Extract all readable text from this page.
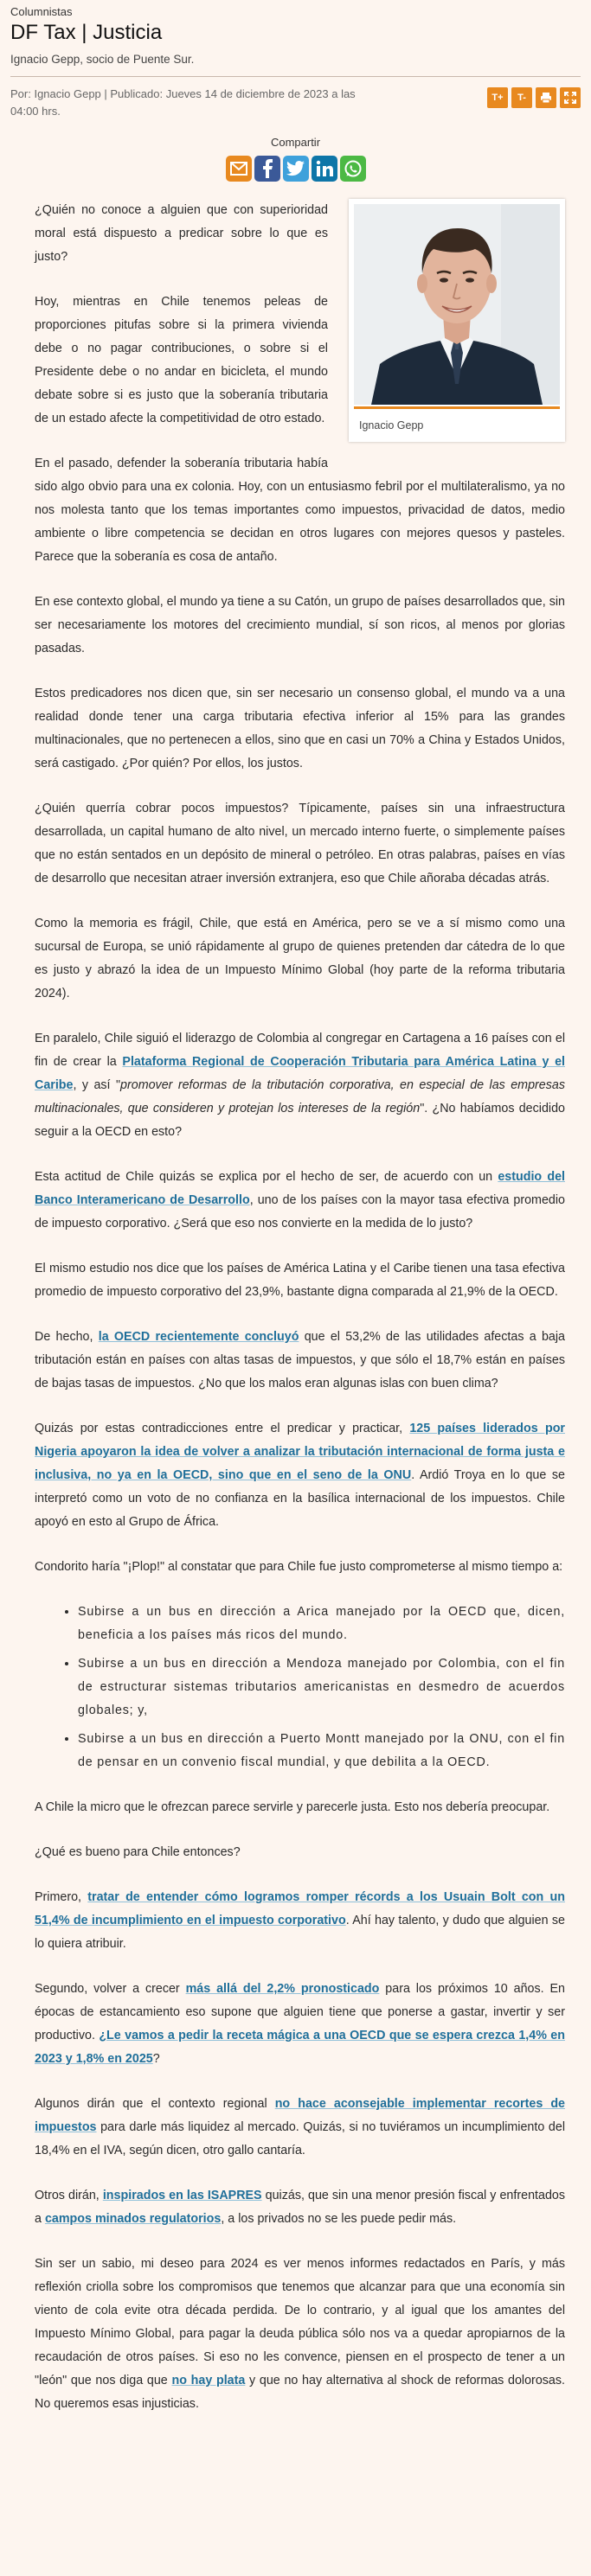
Columnistas
DF Tax | Justicia
Ignacio Gepp, socio de Puente Sur.
Por: Ignacio Gepp | Publicado: Jueves 14 de diciembre de 2023 a las 04:00 hrs.
T+	T-
Compartir
Ignacio Gepp

¿Quién no conoce a alguien que con superioridad moral está dispuesto a predicar sobre lo que es justo?

Hoy, mientras en Chile tenemos peleas de proporciones pitufas sobre si la primera vivienda debe o no pagar contribuciones, o sobre si el Presidente debe o no andar en bicicleta, el mundo debate sobre si es justo que la soberanía tributaria de un estado afecte la competitividad de otro estado.

En el pasado, defender la soberanía tributaria había sido algo obvio para una ex colonia. Hoy, con un entusiasmo febril por el multilateralismo, ya no nos molesta tanto que los temas importantes como impuestos, privacidad de datos, medio ambiente o libre competencia se decidan en otros lugares con mejores quesos y pasteles. Parece que la soberanía es cosa de antaño.

En ese contexto global, el mundo ya tiene a su Catón, un grupo de países desarrollados que, sin ser necesariamente los motores del crecimiento mundial, sí son ricos, al menos por glorias pasadas.

Estos predicadores nos dicen que, sin ser necesario un consenso global, el mundo va a una realidad donde tener una carga tributaria efectiva inferior al 15% para las grandes multinacionales, que no pertenecen a ellos, sino que en casi un 70% a China y Estados Unidos, será castigado. ¿Por quién? Por ellos, los justos.

¿Quién querría cobrar pocos impuestos? Típicamente, países sin una infraestructura desarrollada, un capital humano de alto nivel, un mercado interno fuerte, o simplemente países que no están sentados en un depósito de mineral o petróleo. En otras palabras, países en vías de desarrollo que necesitan atraer inversión extranjera, eso que Chile añoraba décadas atrás.

Como la memoria es frágil, Chile, que está en América, pero se ve a sí mismo como una sucursal de Europa, se unió rápidamente al grupo de quienes pretenden dar cátedra de lo que es justo y abrazó la idea de un Impuesto Mínimo Global (hoy parte de la reforma tributaria 2024).

En paralelo, Chile siguió el liderazgo de Colombia al congregar en Cartagena a 16 países con el fin de crear la Plataforma Regional de Cooperación Tributaria para América Latina y el Caribe, y así "promover reformas de la tributación corporativa, en especial de las empresas multinacionales, que consideren y protejan los intereses de la región". ¿No habíamos decidido seguir a la OECD en esto?

Esta actitud de Chile quizás se explica por el hecho de ser, de acuerdo con un estudio del Banco Interamericano de Desarrollo, uno de los países con la mayor tasa efectiva promedio de impuesto corporativo. ¿Será que eso nos convierte en la medida de lo justo?

El mismo estudio nos dice que los países de América Latina y el Caribe tienen una tasa efectiva promedio de impuesto corporativo del 23,9%, bastante digna comparada al 21,9% de la OECD.

De hecho, la OECD recientemente concluyó que el 53,2% de las utilidades afectas a baja tributación están en países con altas tasas de impuestos, y que sólo el 18,7% están en países de bajas tasas de impuestos. ¿No que los malos eran algunas islas con buen clima?

Quizás por estas contradicciones entre el predicar y practicar, 125 países liderados por Nigeria apoyaron la idea de volver a analizar la tributación internacional de forma justa e inclusiva, no ya en la OECD, sino que en el seno de la ONU. Ardió Troya en lo que se interpretó como un voto de no confianza en la basílica internacional de los impuestos. Chile apoyó en esto al Grupo de África.

Condorito haría "¡Plop!" al constatar que para Chile fue justo comprometerse al mismo tiempo a:

• Subirse a un bus en dirección a Arica manejado por la OECD que, dicen, beneficia a los países más ricos del mundo.
• Subirse a un bus en dirección a Mendoza manejado por Colombia, con el fin de estructurar sistemas tributarios americanistas en desmedro de acuerdos globales; y,
• Subirse a un bus en dirección a Puerto Montt manejado por la ONU, con el fin de pensar en un convenio fiscal mundial, y que debilita a la OECD.

A Chile la micro que le ofrezcan parece servirle y parecerle justa. Esto nos debería preocupar.

¿Qué es bueno para Chile entonces?

Primero, tratar de entender cómo logramos romper récords a los Usuain Bolt con un 51,4% de incumplimiento en el impuesto corporativo. Ahí hay talento, y dudo que alguien se lo quiera atribuir.

Segundo, volver a crecer más allá del 2,2% pronosticado para los próximos 10 años. En épocas de estancamiento eso supone que alguien tiene que ponerse a gastar, invertir y ser productivo. ¿Le vamos a pedir la receta mágica a una OECD que se espera crezca 1,4% en 2023 y 1,8% en 2025?

Algunos dirán que el contexto regional no hace aconsejable implementar recortes de impuestos para darle más liquidez al mercado. Quizás, si no tuviéramos un incumplimiento del 18,4% en el IVA, según dicen, otro gallo cantaría.

Otros dirán, inspirados en las ISAPRES quizás, que sin una menor presión fiscal y enfrentados a campos minados regulatorios, a los privados no se les puede pedir más.

Sin ser un sabio, mi deseo para 2024 es ver menos informes redactados en París, y más reflexión criolla sobre los compromisos que tenemos que alcanzar para que una economía sin viento de cola evite otra década perdida. De lo contrario, y al igual que los amantes del Impuesto Mínimo Global, para pagar la deuda pública sólo nos va a quedar apropiarnos de la recaudación de otros países. Si eso no les convence, piensen en el prospecto de tener a un "león" que nos diga que no hay plata y que no hay alternativa al shock de reformas dolorosas. No queremos esas injusticias.
